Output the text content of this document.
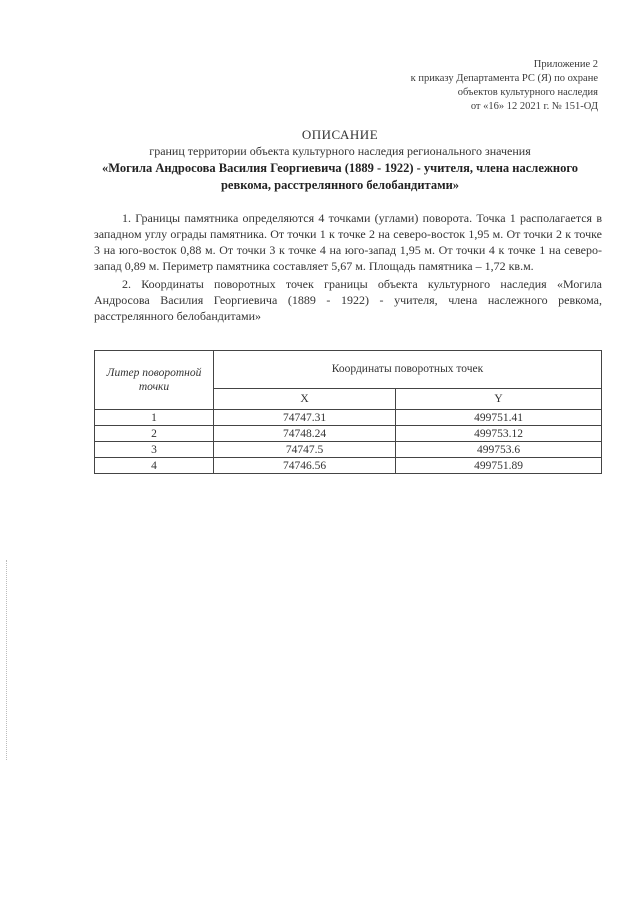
Приложение 2
к приказу Департамента РС (Я) по охране
объектов культурного наследия
от «16» 12 2021 г. № 151-ОД
ОПИСАНИЕ
границ территории объекта культурного наследия регионального значения
«Могила Андросова Василия Георгиевича (1889 - 1922) - учителя, члена наслежного
ревкома, расстрелянного белобандитами»

1. Границы памятника определяются 4 точками (углами) поворота. Точка 1 располагается в западном углу ограды памятника. От точки 1 к точке 2 на северо-восток 1,95 м. От точки 2 к точке 3 на юго-восток 0,88 м. От точки 3 к точке 4 на юго-запад 1,95 м. От точки 4 к точке 1 на северо-запад 0,89 м. Периметр памятника составляет 5,67 м. Площадь памятника – 1,72 кв.м.

2. Координаты поворотных точек границы объекта культурного наследия «Могила Андросова Василия Георгиевича (1889 - 1922) - учителя, члена наслежного ревкома, расстрелянного белобандитами»

Литер поворотной точки	Координаты поворотных точек	
	X	Y
1	74747.31	499751.41
2	74748.24	499753.12
3	74747.5	499753.6
4	74746.56	499751.89
